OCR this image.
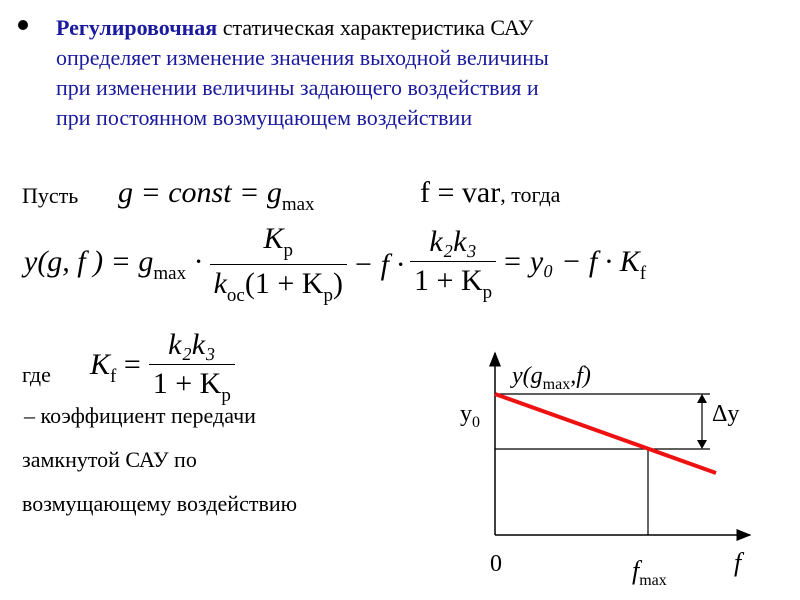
Регулировочная статическая характеристика САУ
определяет изменение значения выходной величины
при изменении величины задающего воздействия и
при постоянном возмущающем воздействии
Пусть g = const = $g_{max}$	f = var, тогда
y(g, f ) = $g_{max} \cdot \frac{K_p}{k_{oc}(1 + K_p)} - f \cdot \frac{\text{k₂k₃}}{1 + K_p} = y_0 - f \cdot K_f$
где $K_f = \frac{\text{k₂k₃}}{1 + K_p}$
– коэффициент передачи
замкнутой САУ по
возмущающему воздействию
$y(g_{max},f)$
$y_0$	Δy
0	$f_{max}$
f
